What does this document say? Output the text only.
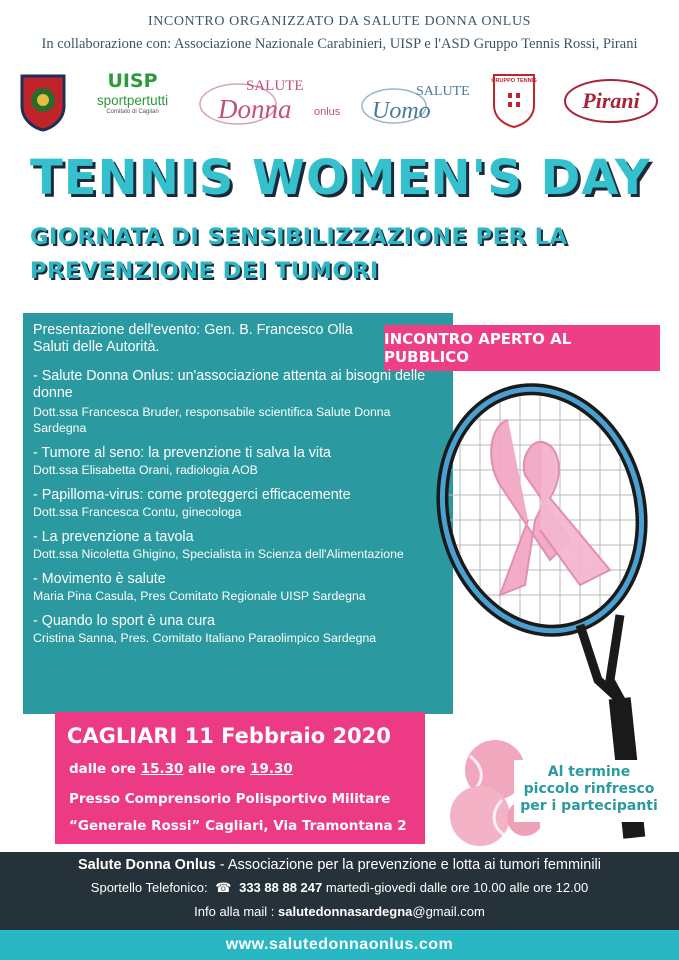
INCONTRO ORGANIZZATO DA SALUTE DONNA ONLUS
In collaborazione con: Associazione Nazionale Carabinieri, UISP e l'ASD Gruppo Tennis Rossi, Pirani
UISP
sportpertutti
Comitato di Cagliari
SALUTE
Donna onlus
SALUTE
Uomo
GRUPPO TENNIS
Pirani
TENNIS WOMEN'S DAY
GIORNATA DI SENSIBILIZZAZIONE PER LA
PREVENZIONE DEI TUMORI
INCONTRO APERTO AL PUBBLICO

Presentazione dell'evento: Gen. B. Francesco Olla

Saluti delle Autorità.

- Salute Donna Onlus: un'associazione attenta ai bisogni delle donne

Dott.ssa Francesca Bruder, responsabile scientifica Salute Donna Sardegna

- Tumore al seno: la prevenzione ti salva la vita

Dott.ssa Elisabetta Orani, radiologia AOB

- Papilloma-virus: come proteggerci efficacemente

Dott.ssa Francesca Contu, ginecologa

- La prevenzione a tavola

Dott.ssa Nicoletta Ghigino, Specialista in Scienza dell'Alimentazione

- Movimento è salute

Maria Pina Casula, Pres Comitato Regionale UISP Sardegna

- Quando lo sport è una cura

Cristina Sanna, Pres. Comitato Italiano Paraolimpico Sardegna

CAGLIARI 11 Febbraio 2020
dalle ore 15.30 alle ore 19.30
Presso Comprensorio Polisportivo Militare
“Generale Rossi” Cagliari, Via Tramontana 2
Al termine
piccolo rinfresco
per i partecipanti
Salute Donna Onlus - Associazione per la prevenzione e lotta ai tumori femminili
Sportello Telefonico: ☎ 333 88 88 247 martedì-giovedì dalle ore 10.00 alle ore 12.00
Info alla mail : salutedonnasardegna@gmail.com
www.salutedonnaonlus.com
